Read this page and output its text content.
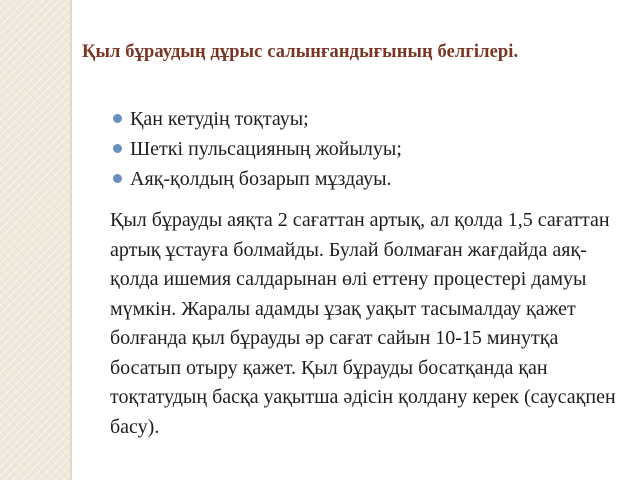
Қыл бұраудың дұрыс салынғандығының белгілері.
Қан кетудің тоқтауы;
Шеткі пульсацияның жойылуы;
Аяқ-қолдың бозарып мұздауы.

Қыл бұрауды аяқта 2 сағаттан артық, ал қолда 1,5 сағаттан артық ұстауға болмайды. Булай болмаған жағдайда аяқ-қолда ишемия салдарынан өлі еттену процестері дамуы мүмкін. Жаралы адамды ұзақ уақыт тасымалдау қажет болғанда қыл бұрауды әр сағат сайын 10-15 минутқа босатып отыру қажет. Қыл бұрауды босатқанда қан тоқтатудың басқа уақытша әдісін қолдану керек (саусақпен басу).
